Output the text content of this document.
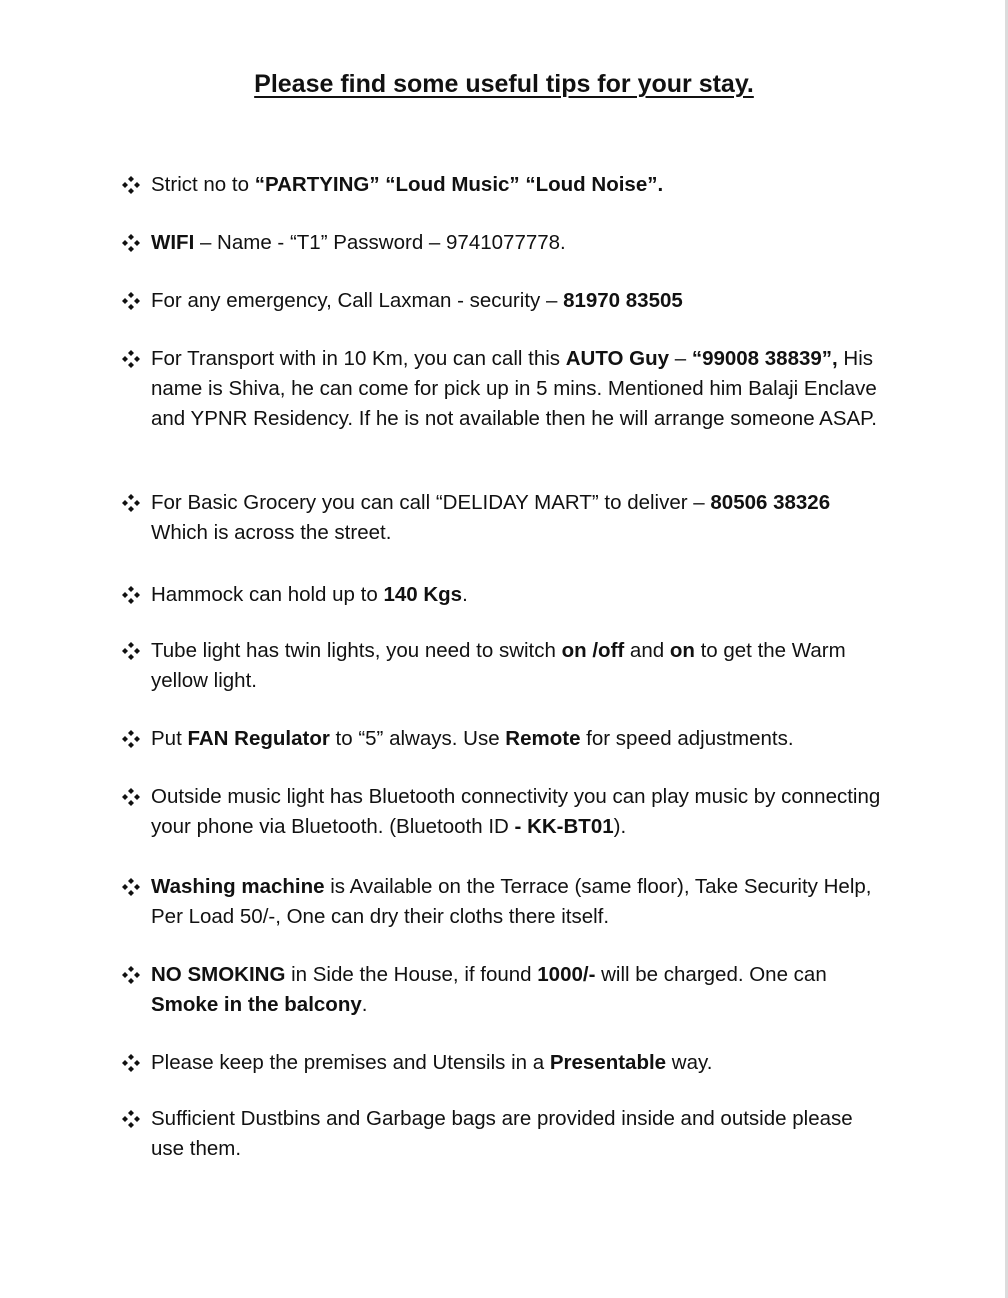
Please find some useful tips for your stay.
Strict no to “PARTYING” “Loud Music” “Loud Noise”.
WIFI – Name - “T1” Password – 9741077778.
For any emergency, Call Laxman - security – 81970 83505
For Transport with in 10 Km, you can call this AUTO Guy – “99008 38839”, His name is Shiva, he can come for pick up in 5 mins. Mentioned him Balaji Enclave and YPNR Residency. If he is not available then he will arrange someone ASAP.
For Basic Grocery you can call “DELIDAY MART” to deliver – 80506 38326 Which is across the street.
Hammock can hold up to 140 Kgs.
Tube light has twin lights, you need to switch on /off and on to get the Warm yellow light.
Put FAN Regulator to “5” always. Use Remote for speed adjustments.
Outside music light has Bluetooth connectivity you can play music by connecting your phone via Bluetooth. (Bluetooth ID - KK-BT01).
Washing machine is Available on the Terrace (same floor), Take Security Help, Per Load 50/-, One can dry their cloths there itself.
NO SMOKING in Side the House, if found 1000/- will be charged. One can Smoke in the balcony.
Please keep the premises and Utensils in a Presentable way.
Sufficient Dustbins and Garbage bags are provided inside and outside please use them.
